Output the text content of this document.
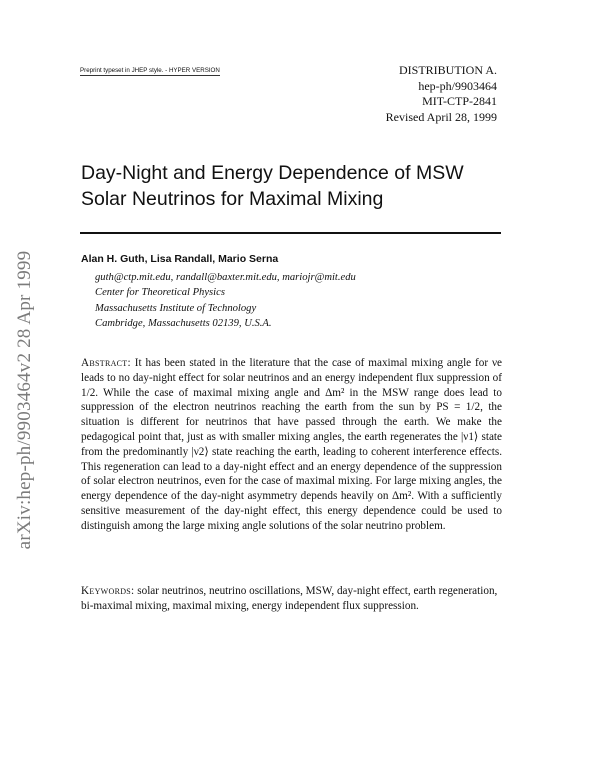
arXiv:hep-ph/9903464v2 28 Apr 1999
Preprint typeset in JHEP style. - HYPER VERSION	DISTRIBUTION A.
hep-ph/9903464
MIT-CTP-2841
Revised April 28, 1999
Day-Night and Energy Dependence of MSW
Solar Neutrinos for Maximal Mixing
Alan H. Guth, Lisa Randall, Mario Serna
guth@ctp.mit.edu, randall@baxter.mit.edu, mariojr@mit.edu
Center for Theoretical Physics
Massachusetts Institute of Technology
Cambridge, Massachusetts 02139, U.S.A.

Abstract: It has been stated in the literature that the case of maximal mixing angle for νe leads to no day-night effect for solar neutrinos and an energy independent flux suppression of 1/2. While the case of maximal mixing angle and Δm² in the MSW range does lead to suppression of the electron neutrinos reaching the earth from the sun by PS = 1/2, the situation is different for neutrinos that have passed through the earth. We make the pedagogical point that, just as with smaller mixing angles, the earth regenerates the |ν1⟩ state from the predominantly |ν2⟩ state reaching the earth, leading to coherent interference effects. This regeneration can lead to a day-night effect and an energy dependence of the suppression of solar electron neutrinos, even for the case of maximal mixing. For large mixing angles, the energy dependence of the day-night asymmetry depends heavily on Δm². With a sufficiently sensitive measurement of the day-night effect, this energy dependence could be used to distinguish among the large mixing angle solutions of the solar neutrino problem.

Keywords: solar neutrinos, neutrino oscillations, MSW, day-night effect, earth regeneration, bi-maximal mixing, maximal mixing, energy independent flux suppression.
